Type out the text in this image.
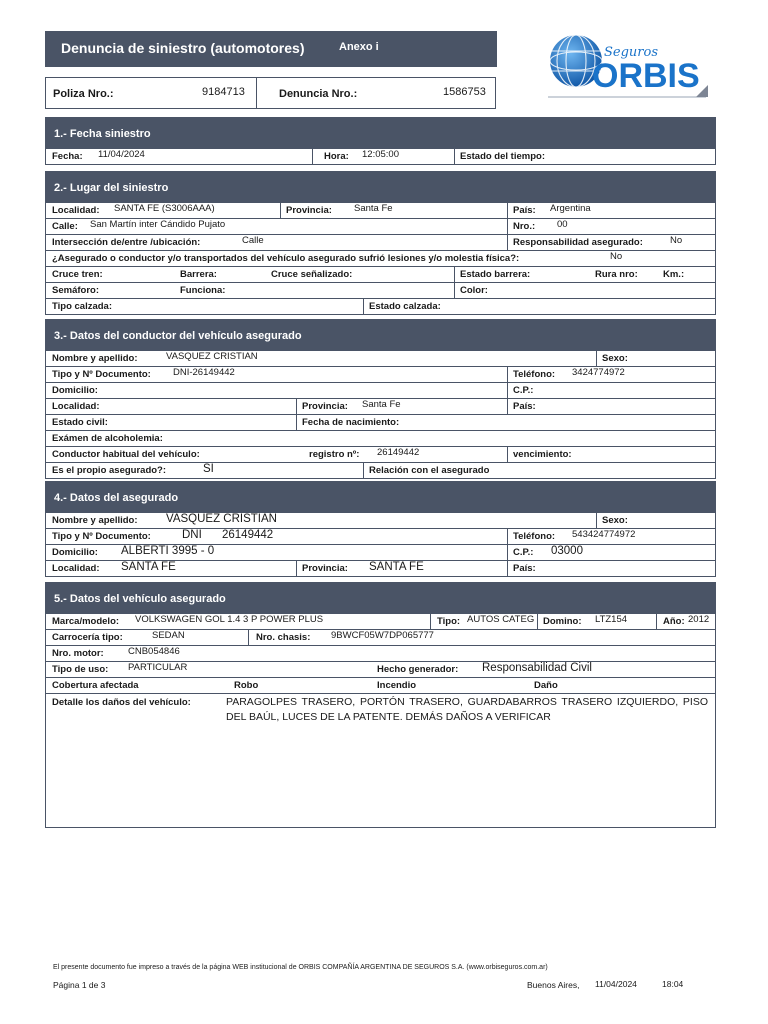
Denuncia de siniestro (automotores)	Anexo i
Poliza Nro.:	9184713	Denuncia Nro.:	1586753
Seguros
ORBIS
1.- Fecha siniestro
Fecha: 11/04/2024	Hora: 12:05:00	Estado del tiempo:
2.- Lugar del siniestro
Localidad: SANTA FE (S3006AAA)	Provincia: Santa Fe	País: Argentina
Calle: San Martín inter Cándido Pujato	Nro.: 00
Intersección de/entre /ubicación:	Calle	Responsabilidad asegurado:	No
¿Asegurado o conductor y/o transportados del vehículo asegurado sufrió lesiones y/o molestia física?:	No
Cruce tren:	Barrera:	Cruce señalizado:	Estado barrera:	Rura nro:	Km.:
Semáforo:	Funciona:	Color:
Tipo calzada:	Estado calzada:
3.- Datos del conductor del vehículo asegurado
Nombre y apellido:	VASQUEZ CRISTIAN	Sexo:
Tipo y Nº Documento: DNI-26149442	Teléfono: 3424774972
Domicilio:	C.P.:
Localidad:	Provincia: Santa Fe	País:
Estado civil:	Fecha de nacimiento:
Exámen de alcoholemia:
Conductor habitual del vehículo:	registro nº: 26149442	vencimiento:
Es el propio asegurado?:	SI	Relación con el asegurado
4.- Datos del asegurado
Nombre y apellido: VASQUEZ CRISTIAN	Sexo:
Tipo y Nº Documento:	DNI 26149442	Teléfono: 543424774972
Domicilio: ALBERTI 3995 - 0	C.P.: 03000
Localidad: SANTA FE	Provincia: SANTA FE	País:
5.- Datos del vehículo asegurado
Marca/modelo: VOLKSWAGEN GOL 1.4 3 P POWER PLUS	Tipo: AUTOS CATEG Domino: LTZ154	Año: 2012
Carrocería tipo:	SEDAN	Nro. chasis: 9BWCF05W7DP065777
Nro. motor:	CNB054846
Tipo de uso: PARTICULAR	Hecho generador: Responsabilidad Civil
Cobertura afectada	Robo	Incendio	Daño
Detalle los daños del vehículo:	PARAGOLPES TRASERO, PORTÓN TRASERO, GUARDABARROS TRASERO IZQUIERDO, PISO DEL BAÚL, LUCES DE LA PATENTE. DEMÁS DAÑOS A VERIFICAR
El presente documento fue impreso a través de la página WEB institucional de ORBIS COMPAÑÍA ARGENTINA DE SEGUROS S.A. (www.orbiseguros.com.ar)
Página 1 de 3	Buenos Aires, 11/04/2024	18:04
